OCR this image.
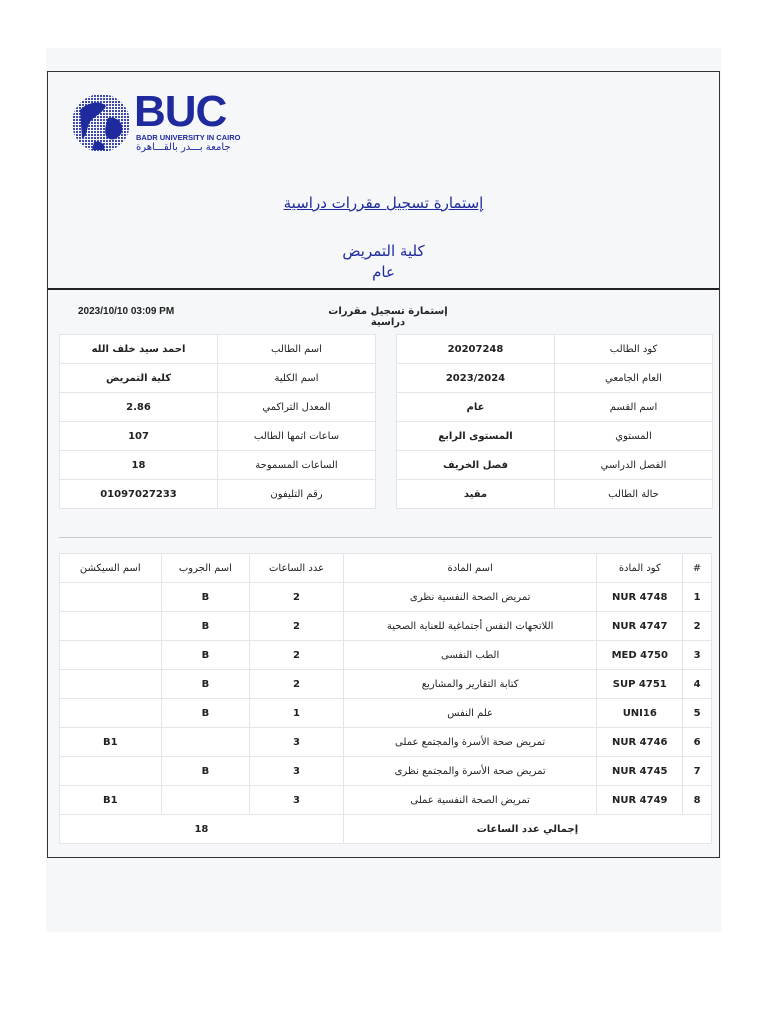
BUC
BADR UNIVERSITY IN CAIRO
جامعة بـــدر بالقـــاهرة
إستمارة تسجيل مقررات دراسية
كلية التمريض
عام
2023/10/10 03:09 PM	إستمارة تسجيل مقررات دراسية
احمد سيد خلف الله	اسم الطالب
كلية التمريض	اسم الكلية
2.86	المعدل التراكمي
107	ساعات اتمها الطالب
18	الساعات المسموحة
01097027233	رقم التليفون
20207248	كود الطالب
2023/2024	العام الجامعي
عام	اسم القسم
المستوى الرابع	المستوي
فصل الخريف	الفصل الدراسي
مقيد	حالة الطالب
اسم السيكشن	اسم الجروب	عدد الساعات	اسم المادة	كود المادة	#
	B	2	تمريض الصحة النفسية نظرى	NUR 4748	1
	B	2	اللاتجهات النفس أجتماغية للعناية الصحية	NUR 4747	2
	B	2	الطب النفسى	MED 4750	3
	B	2	كتابة التقارير والمشاريع	SUP 4751	4
	B	1	علم النفس	UNI16	5
B1		3	تمريض صحة الأسرة والمجتمع عملى	NUR 4746	6
	B	3	تمريض صحة الأسرة والمجتمع نظرى	NUR 4745	7
B1		3	تمريض الصحة النفسية عملى	NUR 4749	8
18			إجمالي عدد الساعات		
